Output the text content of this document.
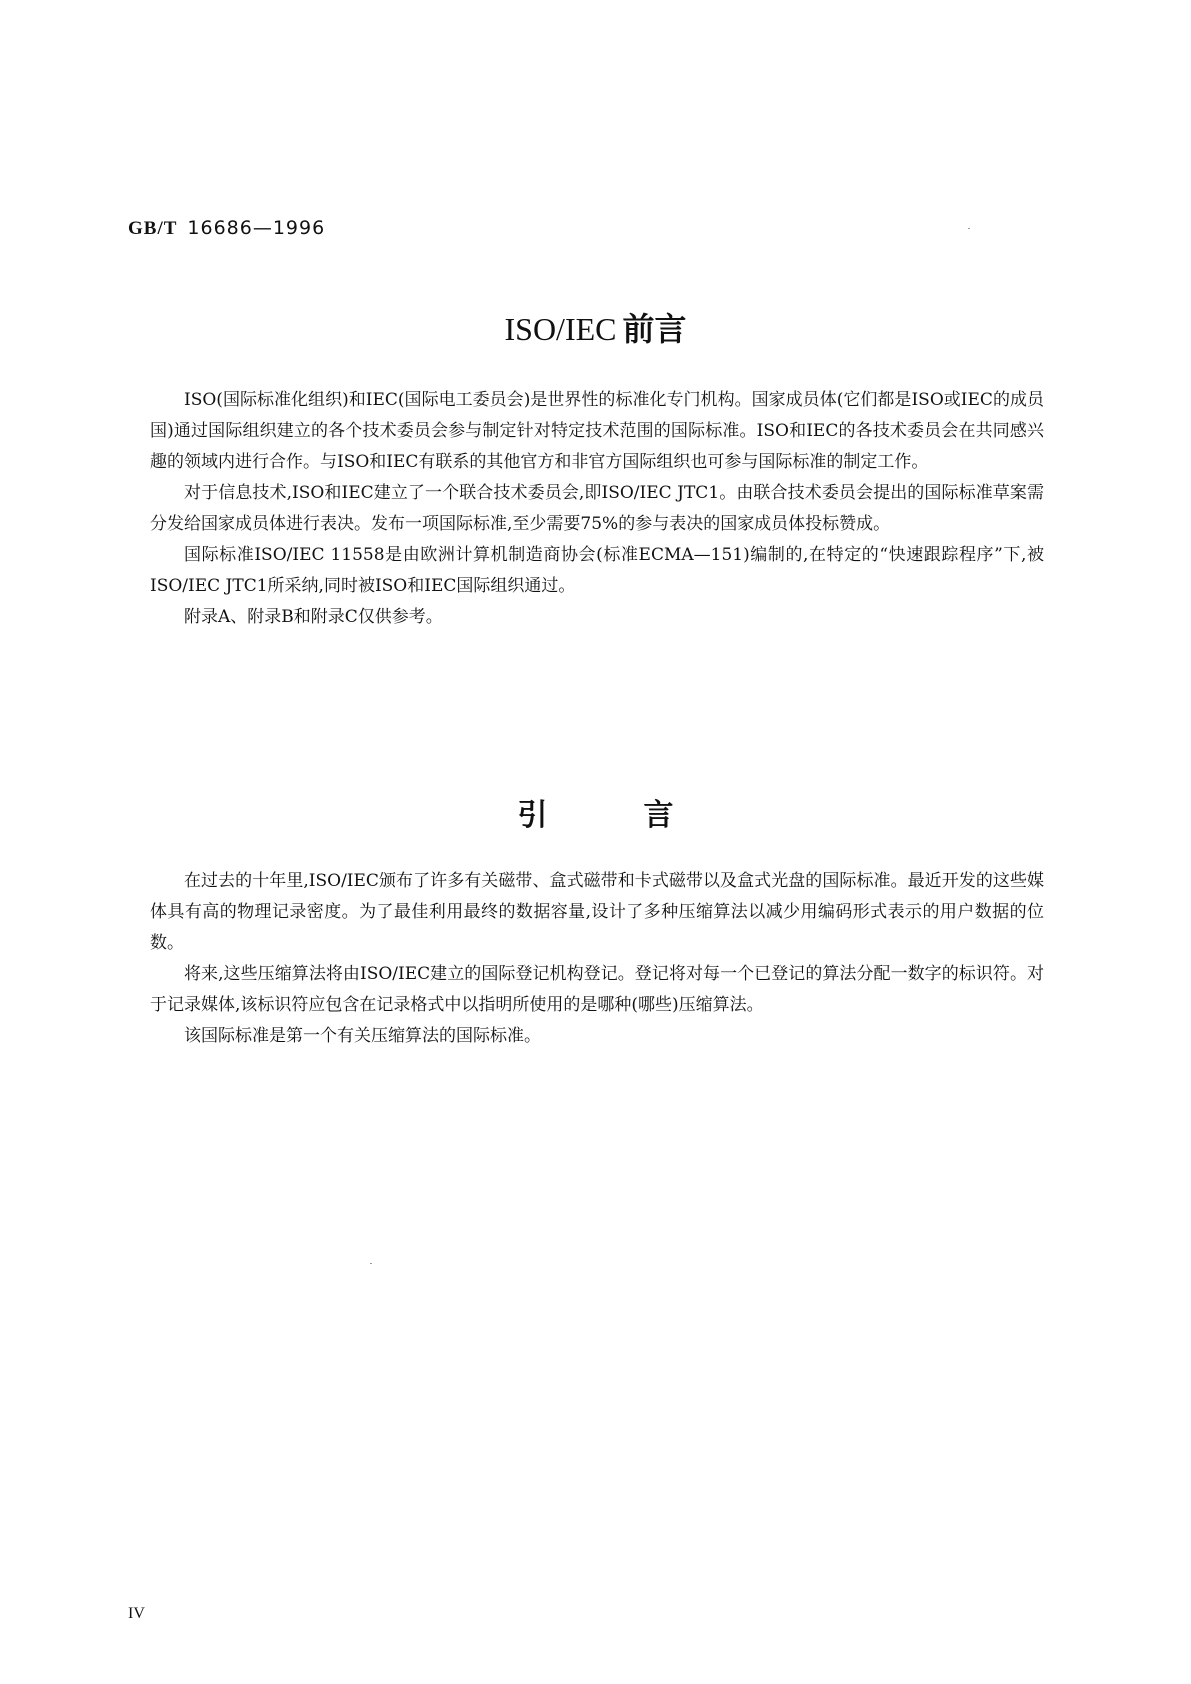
GB/T 16686—1996
ISO/IEC 前言

ISO(国际标准化组织)和IEC(国际电工委员会)是世界性的标准化专门机构。国家成员体(它们都是ISO或IEC的成员国)通过国际组织建立的各个技术委员会参与制定针对特定技术范围的国际标准。ISO和IEC的各技术委员会在共同感兴趣的领域内进行合作。与ISO和IEC有联系的其他官方和非官方国际组织也可参与国际标准的制定工作。

对于信息技术,ISO和IEC建立了一个联合技术委员会,即ISO/IEC JTC1。由联合技术委员会提出的国际标准草案需分发给国家成员体进行表决。发布一项国际标准,至少需要75%的参与表决的国家成员体投标赞成。

国际标准ISO/IEC 11558是由欧洲计算机制造商协会(标准ECMA—151)编制的,在特定的“快速跟踪程序”下,被ISO/IEC JTC1所采纳,同时被ISO和IEC国际组织通过。

附录A、附录B和附录C仅供参考。

引言

在过去的十年里,ISO/IEC颁布了许多有关磁带、盒式磁带和卡式磁带以及盒式光盘的国际标准。最近开发的这些媒体具有高的物理记录密度。为了最佳利用最终的数据容量,设计了多种压缩算法以减少用编码形式表示的用户数据的位数。

将来,这些压缩算法将由ISO/IEC建立的国际登记机构登记。登记将对每一个已登记的算法分配一数字的标识符。对于记录媒体,该标识符应包含在记录格式中以指明所使用的是哪种(哪些)压缩算法。

该国际标准是第一个有关压缩算法的国际标准。

IV
